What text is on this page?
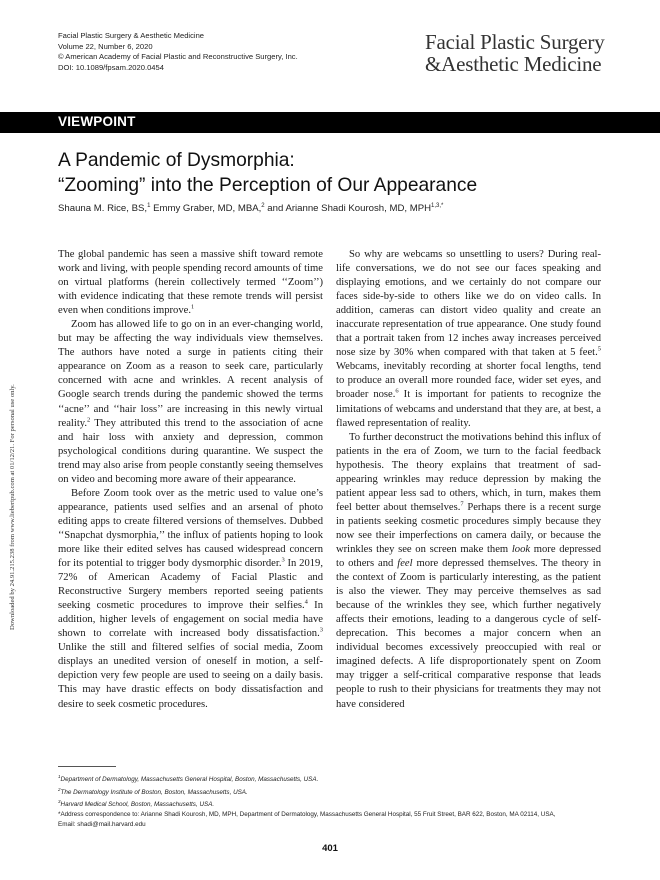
Facial Plastic Surgery & Aesthetic Medicine
Volume 22, Number 6, 2020
© American Academy of Facial Plastic and Reconstructive Surgery, Inc.
DOI: 10.1089/fpsam.2020.0454
Facial Plastic Surgery
&Aesthetic Medicine
VIEWPOINT
A Pandemic of Dysmorphia:
“Zooming” into the Perception of Our Appearance
Shauna M. Rice, BS,$^1$ Emmy Graber, MD, MBA,$^2$ and Arianne Shadi Kourosh, MD, $MPH^{1,3,*}$
Downloaded by 24.91.215.238 from www.liebertpub.com at 01/12/21. For personal use only.

The global pandemic has seen a massive shift toward remote work and living, with people spending record amounts of time on virtual platforms (herein collectively termed ‘‘Zoom’’) with evidence indicating that these remote trends will persist even when conditions improve.$^1$

Zoom has allowed life to go on in an ever-changing world, but may be affecting the way individuals view themselves. The authors have noted a surge in patients citing their appearance on Zoom as a reason to seek care, particularly concerned with acne and wrinkles. A recent analysis of Google search trends during the pandemic showed the terms ‘‘acne’’ and ‘‘hair loss’’ are increasing in this newly virtual reality.$^2$ They attributed this trend to the association of acne and hair loss with anxiety and depression, common psychological conditions during quarantine. We suspect the trend may also arise from people constantly seeing themselves on video and becoming more aware of their appearance.

Before Zoom took over as the metric used to value one’s appearance, patients used selfies and an arsenal of photo editing apps to create filtered versions of themselves. Dubbed ‘‘Snapchat dysmorphia,’’ the influx of patients hoping to look more like their edited selves has caused widespread concern for its potential to trigger body dysmorphic disorder.$^3$ In 2019, 72% of American Academy of Facial Plastic and Reconstructive Surgery members reported seeing patients seeking cosmetic procedures to improve their selfies.$^4$ In addition, higher levels of engagement on social media have shown to correlate with increased body dissatisfaction.$^3$ Unlike the still and filtered selfies of social media, Zoom displays an unedited version of oneself in motion, a self-depiction very few people are used to seeing on a daily basis. This may have drastic effects on body dissatisfaction and desire to seek cosmetic procedures.

So why are webcams so unsettling to users? During real-life conversations, we do not see our faces speaking and displaying emotions, and we certainly do not compare our faces side-by-side to others like we do on video calls. In addition, cameras can distort video quality and create an inaccurate representation of true appearance. One study found that a portrait taken from 12 inches away increases perceived nose size by 30% when compared with that taken at 5 feet.$^5$ Webcams, inevitably recording at shorter focal lengths, tend to produce an overall more rounded face, wider set eyes, and broader nose.$^6$ It is important for patients to recognize the limitations of webcams and understand that they are, at best, a flawed representation of reality.

To further deconstruct the motivations behind this influx of patients in the era of Zoom, we turn to the facial feedback hypothesis. The theory explains that treatment of sad-appearing wrinkles may reduce depression by making the patient appear less sad to others, which, in turn, makes them feel better about themselves.$^7$ Perhaps there is a recent surge in patients seeking cosmetic procedures simply because they now see their imperfections on camera daily, or because the wrinkles they see on screen make them look more depressed to others and feel more depressed themselves. The theory in the context of Zoom is particularly interesting, as the patient is also the viewer. They may perceive themselves as sad because of the wrinkles they see, which further negatively affects their emotions, leading to a dangerous cycle of self-deprecation. This becomes a major concern when an individual becomes excessively preoccupied with real or imagined defects. A life disproportionately spent on Zoom may trigger a self-critical comparative response that leads people to rush to their physicians for treatments they may not have considered

$^1$Department of Dermatology, Massachusetts General Hospital, Boston, Massachusetts, USA.
$^2$The Dermatology Institute of Boston, Boston, Massachusetts, USA.
$^3$Harvard Medical School, Boston, Massachusetts, USA.
*Address correspondence to: Arianne Shadi Kourosh, MD, MPH, Department of Dermatology, Massachusetts General Hospital, 55 Fruit Street, BAR 622, Boston, MA 02114, USA,
Email: shadi@mail.harvard.edu
401
